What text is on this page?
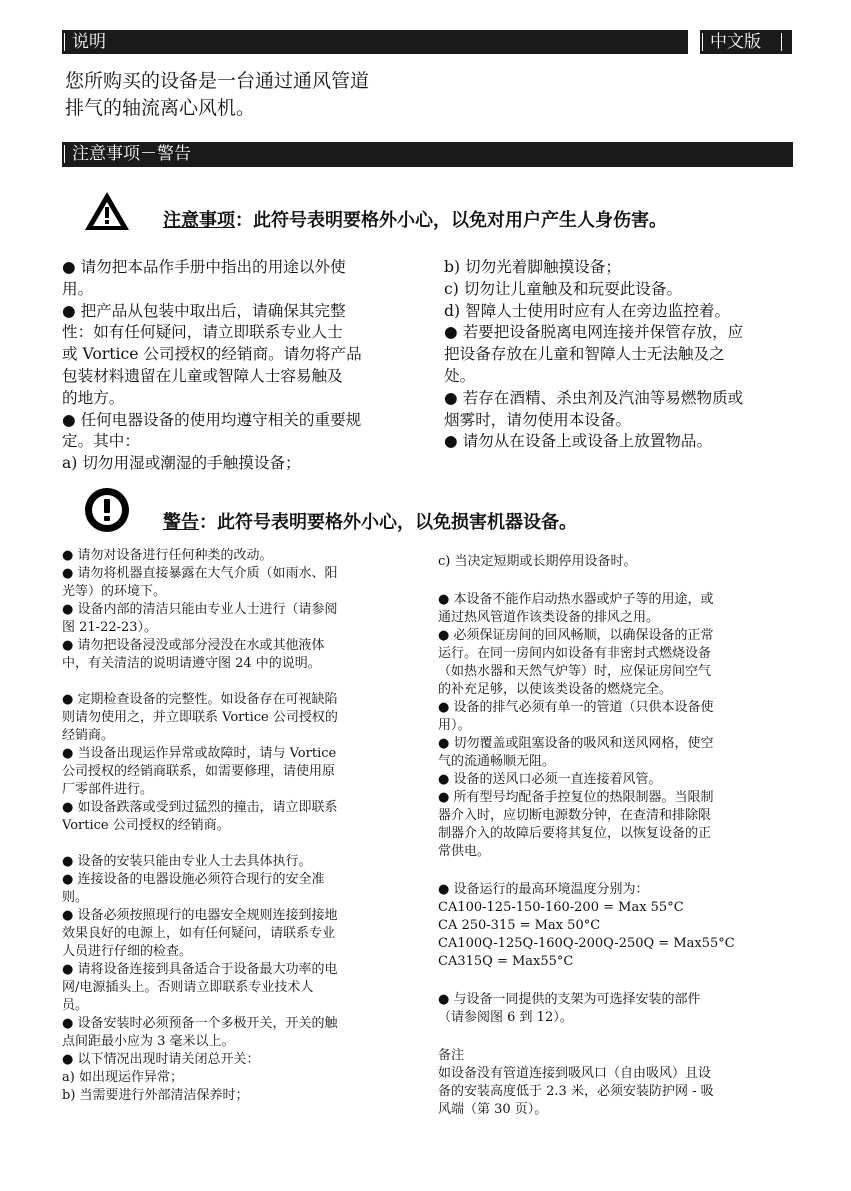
说明	中文版
您所购买的设备是一台通过通风管道
排气的轴流离心风机。
注意事项－警告
注意事项：此符号表明要格外小心，以免对用户产生人身伤害。

● 请勿把本品作手册中指出的用途以外使

用。

● 把产品从包装中取出后，请确保其完整

性：如有任何疑问，请立即联系专业人士

或 Vortice 公司授权的经销商。请勿将产品

包装材料遗留在儿童或智障人士容易触及

的地方。

● 任何电器设备的使用均遵守相关的重要规

定。其中：

a) 切勿用湿或潮湿的手触摸设备；

b) 切勿光着脚触摸设备；

c) 切勿让儿童触及和玩耍此设备。

d) 智障人士使用时应有人在旁边监控着。

● 若要把设备脱离电网连接并保管存放，应

把设备存放在儿童和智障人士无法触及之

处。

● 若存在酒精、杀虫剂及汽油等易燃物质或

烟雾时，请勿使用本设备。

● 请勿从在设备上或设备上放置物品。

警告：此符号表明要格外小心，以免损害机器设备。

● 请勿对设备进行任何种类的改动。

● 请勿将机器直接暴露在大气介质（如雨水、阳

光等）的环境下。

● 设备内部的清洁只能由专业人士进行（请参阅

图 21-22-23）。

● 请勿把设备浸没或部分浸没在水或其他液体

中，有关清洁的说明请遵守图 24 中的说明。

● 定期检查设备的完整性。如设备存在可视缺陷

则请勿使用之，并立即联系 Vortice 公司授权的

经销商。

● 当设备出现运作异常或故障时，请与 Vortice

公司授权的经销商联系，如需要修理，请使用原

厂零部件进行。

● 如设备跌落或受到过猛烈的撞击，请立即联系

Vortice 公司授权的经销商。

● 设备的安装只能由专业人士去具体执行。

● 连接设备的电器设施必须符合现行的安全准

则。

● 设备必须按照现行的电器安全规则连接到接地

效果良好的电源上，如有任何疑问，请联系专业

人员进行仔细的检查。

● 请将设备连接到具备适合于设备最大功率的电

网/电源插头上。否则请立即联系专业技术人

员。

● 设备安装时必须预备一个多极开关，开关的触

点间距最小应为 3 毫米以上。

● 以下情况出现时请关闭总开关：

a) 如出现运作异常；

b) 当需要进行外部清洁保养时；

c) 当决定短期或长期停用设备时。

● 本设备不能作启动热水器或炉子等的用途，或

通过热风管道作该类设备的排风之用。

● 必须保证房间的回风畅顺，以确保设备的正常

运行。在同一房间内如设备有非密封式燃烧设备

（如热水器和天然气炉等）时，应保证房间空气

的补充足够，以使该类设备的燃烧完全。

● 设备的排气必须有单一的管道（只供本设备使

用）。

● 切勿覆盖或阻塞设备的吸风和送风网格，使空

气的流通畅顺无阻。

● 设备的送风口必须一直连接着风管。

● 所有型号均配备手控复位的热限制器。当限制

器介入时，应切断电源数分钟，在查清和排除限

制器介入的故障后要将其复位，以恢复设备的正

常供电。

● 设备运行的最高环境温度分别为：

CA100-125-150-160-200 = Max 55°C

CA 250-315 = Max 50°C

CA100Q-125Q-160Q-200Q-250Q = Max55°C

CA315Q = Max55°C

● 与设备一同提供的支架为可选择安装的部件

（请参阅图 6 到 12）。

备注

如设备没有管道连接到吸风口（自由吸风）且设

备的安装高度低于 2.3 米，必须安装防护网 - 吸

风端（第 30 页）。
